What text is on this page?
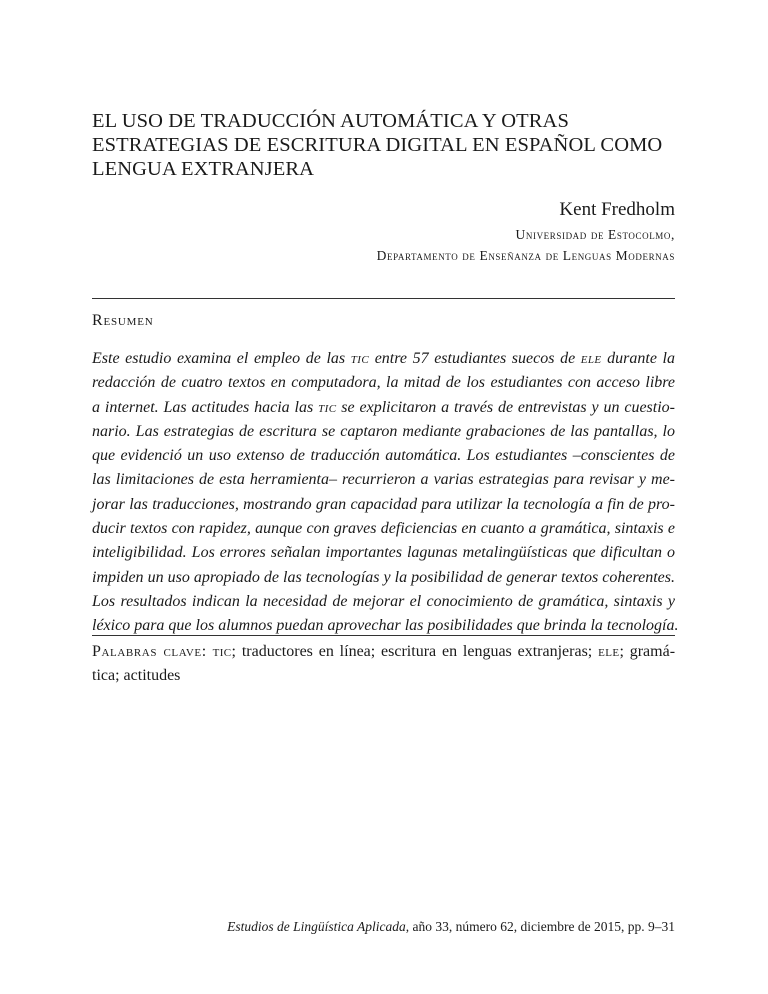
EL USO DE TRADUCCIÓN AUTOMÁTICA Y OTRAS
ESTRATEGIAS DE ESCRITURA DIGITAL EN ESPAÑOL COMO
LENGUA EXTRANJERA
Kent Fredholm
Universidad de Estocolmo,
Departamento de Enseñanza de Lenguas Modernas
Resumen

Este estudio examina el empleo de las tic entre 57 estudiantes suecos de ele durante la
redacción de cuatro textos en computadora, la mitad de los estudiantes con acceso libre
a internet. Las actitudes hacia las tic se explicitaron a través de entrevistas y un cuestio-
nario. Las estrategias de escritura se captaron mediante grabaciones de las pantallas, lo
que evidenció un uso extenso de traducción automática. Los estudiantes –conscientes de
las limitaciones de esta herramienta– recurrieron a varias estrategias para revisar y me-
jorar las traducciones, mostrando gran capacidad para utilizar la tecnología a fin de pro-
ducir textos con rapidez, aunque con graves deficiencias en cuanto a gramática, sintaxis e
inteligibilidad. Los errores señalan importantes lagunas metalingüísticas que dificultan o
impiden un uso apropiado de las tecnologías y la posibilidad de generar textos coherentes.
Los resultados indican la necesidad de mejorar el conocimiento de gramática, sintaxis y
léxico para que los alumnos puedan aprovechar las posibilidades que brinda la tecnología.

Palabras clave: tic; traductores en línea; escritura en lenguas extranjeras; ele; gramá-
tica; actitudes

Estudios de Lingüística Aplicada, año 33, número 62, diciembre de 2015, pp. 9–31
